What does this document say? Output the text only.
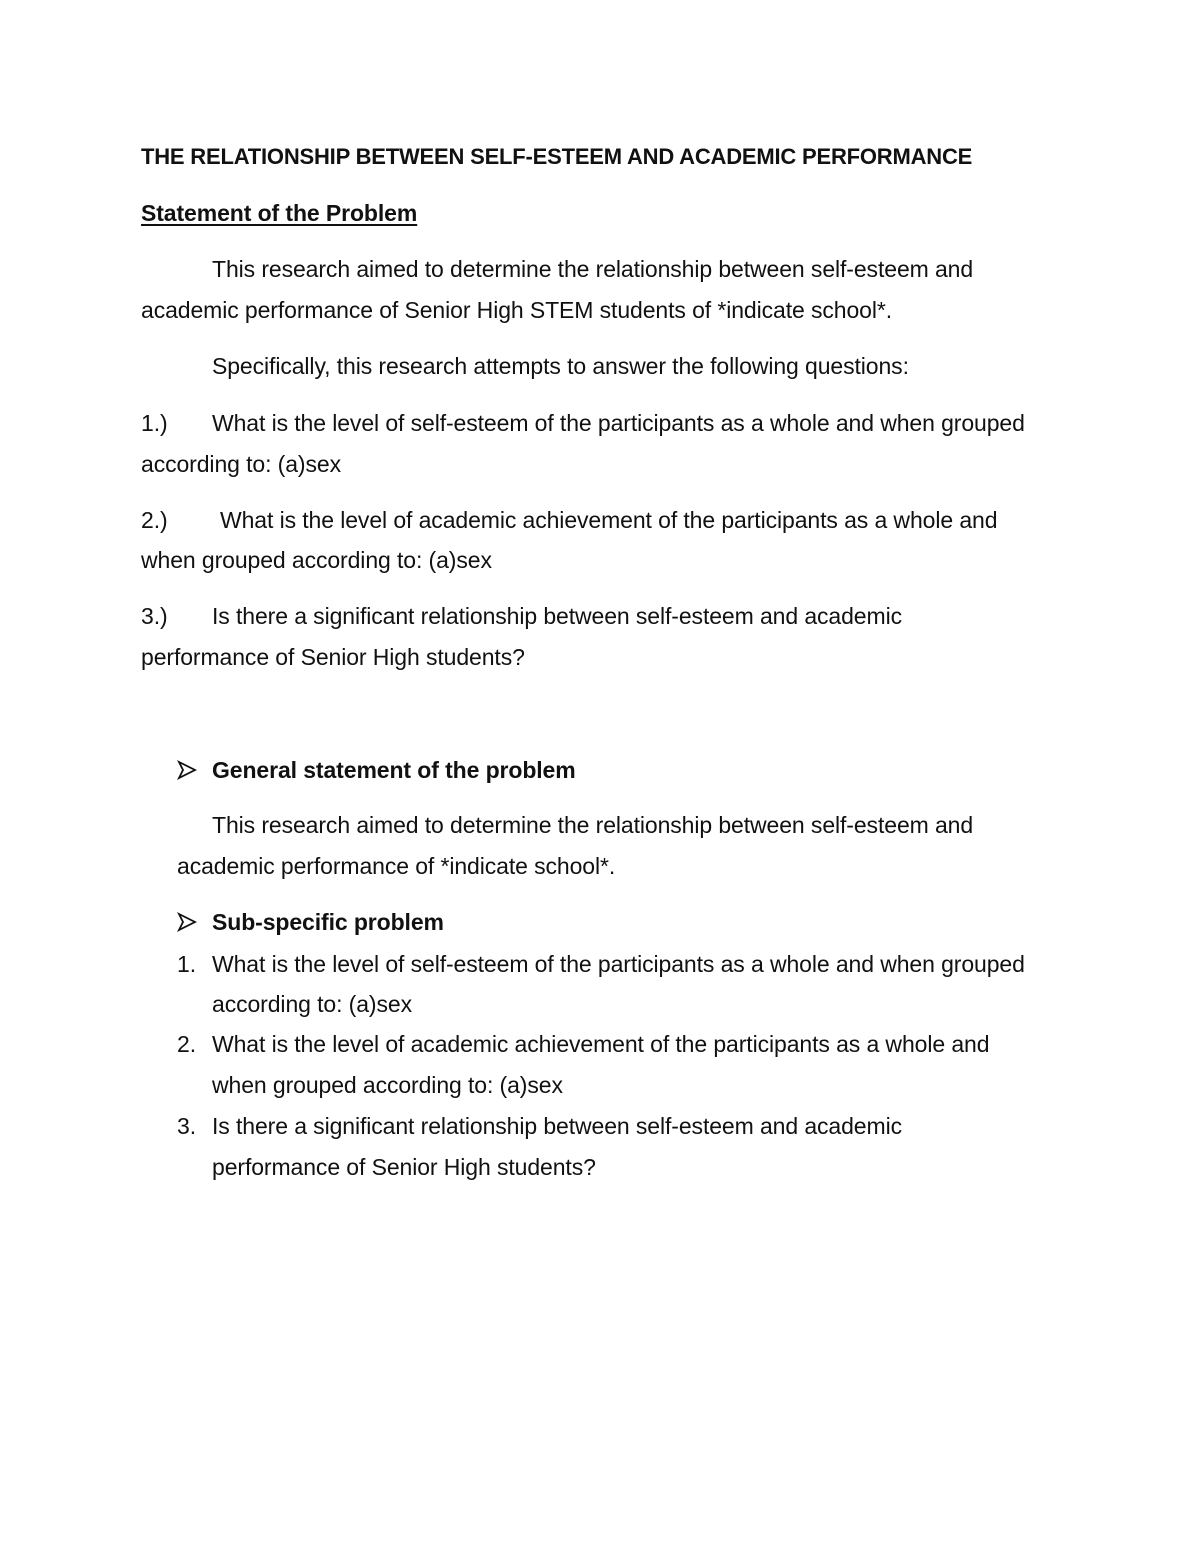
THE RELATIONSHIP BETWEEN SELF-ESTEEM AND ACADEMIC PERFORMANCE
Statement of the Problem
This research aimed to determine the relationship between self-esteem and
academic performance of Senior High STEM students of *indicate school*.
Specifically, this research attempts to answer the following questions:
1.) What is the level of self-esteem of the participants as a whole and when grouped
according to: (a)sex
2.) What is the level of academic achievement of the participants as a whole and
when grouped according to: (a)sex
3.) Is there a significant relationship between self-esteem and academic
performance of Senior High students?
General statement of the problem
This research aimed to determine the relationship between self-esteem and
academic performance of *indicate school*.
Sub-specific problem
1. What is the level of self-esteem of the participants as a whole and when grouped
according to: (a)sex
2. What is the level of academic achievement of the participants as a whole and
when grouped according to: (a)sex
3. Is there a significant relationship between self-esteem and academic
performance of Senior High students?
